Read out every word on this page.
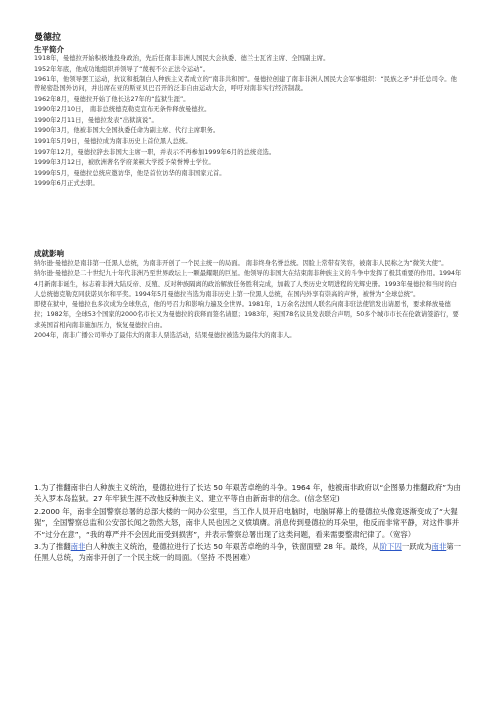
曼德拉
生平简介

1918年，曼德拉开始积极地投身政治，先后任南非非洲人国民大会执委、德兰士瓦省主席、全国副主席。

1952年年底，他成功地组织并领导了“蔑视不公正法令运动”。

1961年，他领导罢工运动，抗议和抵制白人种族主义者成立的“南非共和国”。曼德拉创建了南非非洲人国民大会军事组织：“民族之矛”并任总司令。他曾秘密赴国外访问，并出席在亚的斯亚贝巴召开的泛非自由运动大会，呼吁对南非实行经济制裁。

1962年8月，曼德拉开始了他长达27年的“监狱生涯”。

1990年2月10日， 南非总统德克勒克宣布无条件释放曼德拉。

1990年2月11日，曼德拉发表“出狱演说”。

1990年3月，他被非国大全国执委任命为副主席、代行主席职务。

1991年5月9日，曼德拉成为南非历史上首位黑人总统。

1997年12月，曼德拉辞去非国大主席一职，并表示不再参加1999年6月的总统竞选。

1999年3月12日，被欧洲著名学府莱顿大学授予荣誉博士学位。

1999年5月，曼德拉总统应邀访华，他是首位访华的南非国家元首。

1999年6月正式去职。

成就影响

纳尔逊·曼德拉是南非第一任黑人总统，为南非开创了一个民主统一的局面。 南非终身名誉总统。因脸上常带有笑容，被南非人民称之为“微笑大使”。

纳尔逊·曼德拉是二十世纪九十年代非洲乃至世界政坛上一颗最耀眼的巨星。他领导的非国大在结束南非种族主义的斗争中发挥了极其重要的作用。1994年4月新南非诞生，标志着非洲大陆反帝、反殖、反对种族隔离的政治解放任务胜利完成，加载了人类历史文明进程的光辉史册。1993年曼德拉和当时的白人总统德克勒克同获诺贝尔和平奖。1994年5月曼德拉当选为南非历史上第一位黑人总统，在国内外享有崇高的声誉，被誉为“全球总统”。

即使在狱中，曼德拉也多次成为全球焦点，他的号召力和影响力遍及全世界。1981年，1万余名法国人联名向南非驻法使馆发出请愿书，要求释放曼德拉；1982年，全球53个国家的2000名市长又为曼德拉的获释而签名请愿；1983年，英国78名议员发表联合声明，50多个城市市长在伦敦请签游行，要求英国首相向南非施加压力，恢复曼德拉自由。

2004年，南非广播公司举办了最伟大的南非人票选活动，结果曼德拉被选为最伟大的南非人。

1.为了推翻南非白人种族主义统治，曼德拉进行了长达 50 年艰苦卓绝的斗争。1964 年，他被南非政府以“企图暴力推翻政府”为由关入罗本岛监狱。27 年牢狱生涯不改他反种族主义、建立平等自由新南非的信念。(信念坚定)

2.2000 年，南非全国警察总署的总部大楼的一间办公室里，当工作人员开启电脑时，电脑屏幕上的曼德拉头像竟逐渐变成了“大猩猩”，全国警察总监和公安部长闻之勃然大怒，南非人民也因之义愤填膺。消息传到曼德拉的耳朵里，他反而非常平静，对这件事并不“过分在意”，“我的尊严并不会因此而受到损害”，并表示警察总署出现了这类问题，看来需要整肃纪律了。（宽容）

3.为了推翻南非白人种族主义统治，曼德拉进行了长达 50 年艰苦卓绝的斗争，铁窗面壁 28 年。最终，从阶下囚一跃成为南非第一任黑人总统，为南非开创了一个民主统一的局面。（坚持 不畏困难）
